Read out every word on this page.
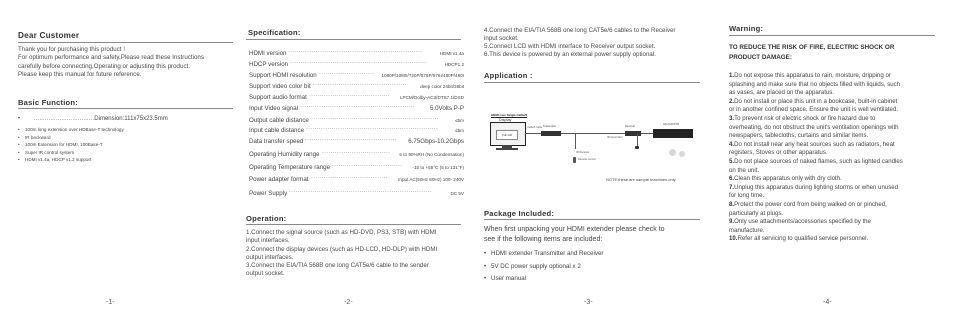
Dear Customer
Thank you for purchasing this product !
For optimum performance and safety,Please read these Instructions
carefully before connecting,Operating or adjusting this product.
Please keep this manual for future reference.
Basic Function:
• ……………………………Dimension:111x75x23.5mm
• 100m long extension over HDBase-T technology
• IR backward
• 100m Extension for HDMI, 100Base-T
• Super IR control system
• HDMI v1.4a, HDCP v1.2 support
-1-
Specification:
HDMI version ·······························································	HDMI v1.4a
HDCP version ································································	HDCP1.2
Support HDMI resolution ··························	1080P/1080I/720P/576P/576I/480P/480I
Support video color bit ············································	deep color 24bit/36bit
Support audio format ······································	LPCM/Dolby-AC3/DTS7.1/DSD
Input Video signal ······················································	5.0Volts P-P
Output cable distance ····························································	≤5m
Input cable distance ······························································	≤5m
Data transfer speed ···········································	6.75Gbps-10.2Gbps
Operating Humidity range ································	5 to 90%RH (No Condensation)
Operating Temperature range ·································	-15 to +55°C (5 to 131°F)
Power adapter format ····································	Input AC(50Hz 60Hz) 100- 240V
Power Supply ···································································	DC 5V
Operation:
1.Connect the signal source (such as HD-DVD, PS3, STB) with HDMI
input interfaces.
2.Connect the display devices (such as HD-LCD, HD-DLP) with HDMI
output interfaces.
3.Connect the EIA/TIA 568B one long CAT5e/6 cable to the sender
output socket.
-2-
4.Connect the EIA/TIA 568B one long CAT5e/6 cables to the Receiver
input socket.
5.Connect LCD with HDMI interface to Receiver output socket.
6.This device is powered by an external power supply optional.
Application :
HDMI over Single Cat5e/6
Display
Full HD
Cat5e/6 Cable Transmitter
IR Receiver
Remote control
Receiver
IR transmitter
HD-DVD/STB
NOTE:these are sample machines only
Package Included:
When first unpacking your HDMI extender please check to
see if the following items are included:
• HDMI extender Transmitter and Receiver
• 5V DC power supply optional x 2
• User manual
-3-
Warning:
TO REDUCE THE RISK OF FIRE, ELECTRIC SHOCK OR
PRODUCT DAMAGE:
1.Do not expose this apparatus to rain, moisture, dripping or
splashing and make sure that no objects filled with liquids, such
as vases, are placed on the apparatus.
2.Do not install or place this unit in a bookcase, built-in cabinet
or in another confined space. Ensure the unit is well ventilated.
3.To prevent risk of electric shock or fire hazard due to
overheating, do not obstruct the unit's ventilation openings with
newspapers, tablecloths, curtains and similar items.
4.Do not install near any heat sources such as radiators, heat
registers, Stoves or other apparatus.
5.Do not place sources of naked flames, such as lighted candles
on the unit.
6.Clean this apparatus only with dry cloth.
7.Unplug this apparatus during lighting storms or when unused
for long time.
8.Protect the power cord from being walked on or pinched,
particularly at plugs.
9.Only use attachments/accessories specified by the
manufacture.
10.Refer all servicing to qualified service personnel.
-4-
